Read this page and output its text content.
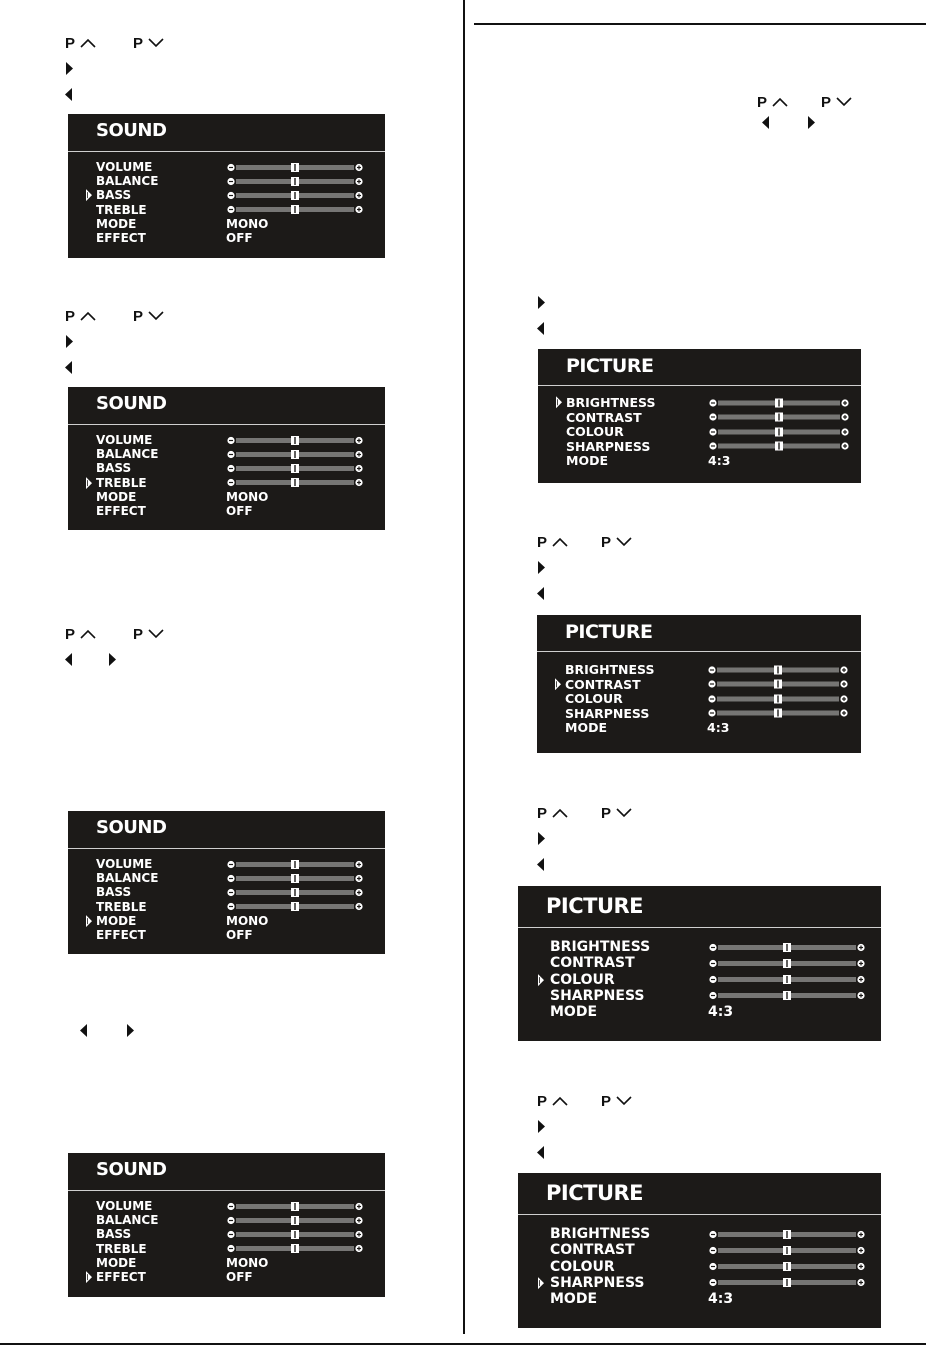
P	P
P	P
P	P
P	P
P	P
P	P
P	P
SOUND
VOLUME
BALANCE
BASS
TREBLE
MODE	MONO
EFFECT	OFF
SOUND
VOLUME
BALANCE
BASS
TREBLE
MODE	MONO
EFFECT	OFF
SOUND
VOLUME
BALANCE
BASS
TREBLE
MODE	MONO
EFFECT	OFF
SOUND
VOLUME
BALANCE
BASS
TREBLE
MODE	MONO
EFFECT	OFF
PICTURE
BRIGHTNESS
CONTRAST
COLOUR
SHARPNESS
MODE	4:3
PICTURE
BRIGHTNESS
CONTRAST
COLOUR
SHARPNESS
MODE	4:3
PICTURE
BRIGHTNESS
CONTRAST
COLOUR
SHARPNESS
MODE	4:3
PICTURE
BRIGHTNESS
CONTRAST
COLOUR
SHARPNESS
MODE	4:3
